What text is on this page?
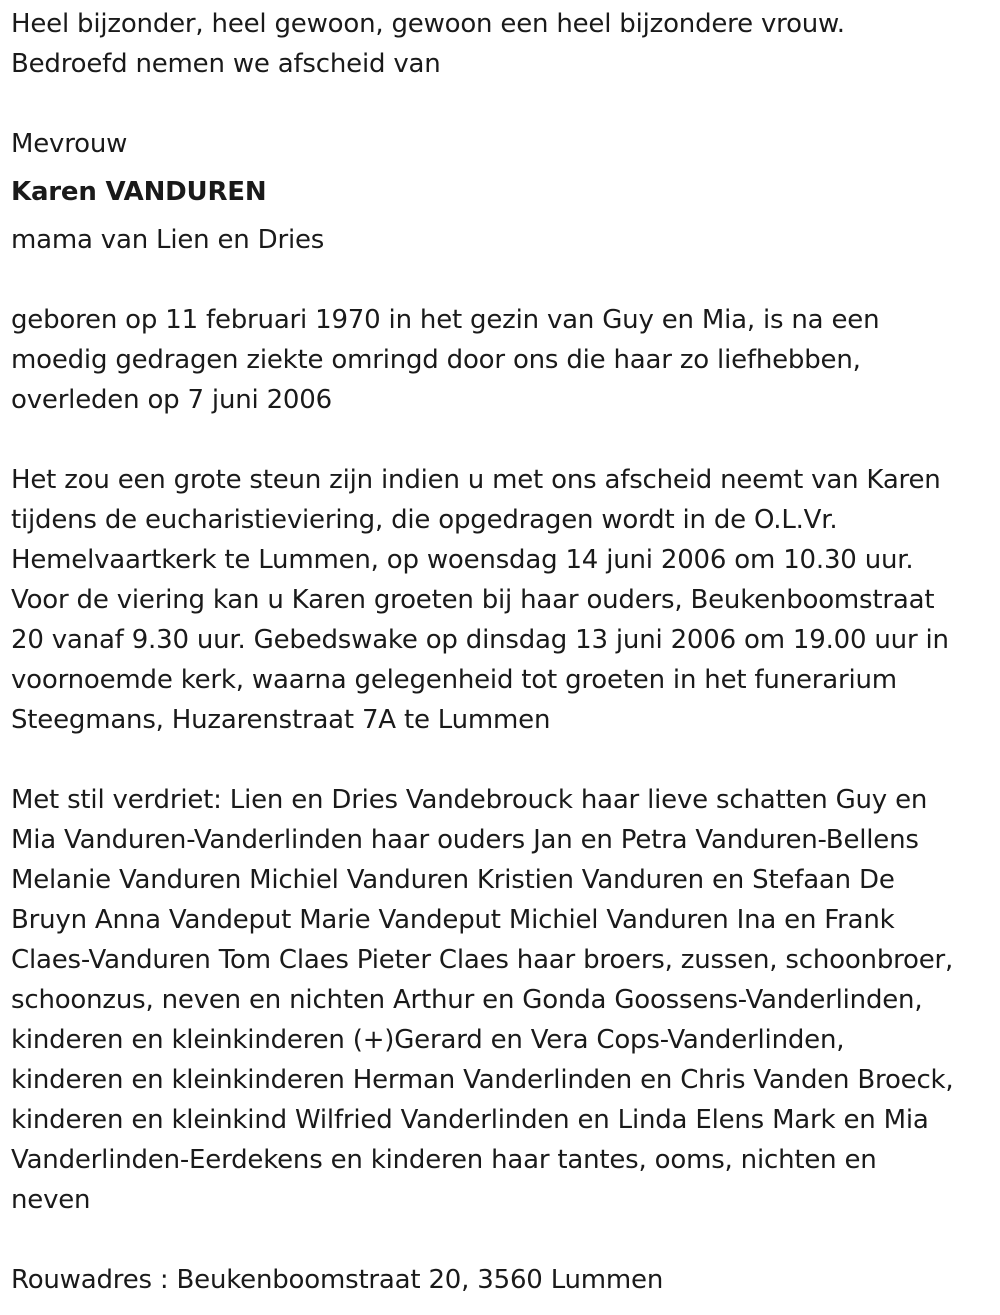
Heel bijzonder, heel gewoon, gewoon een heel bijzondere vrouw.
Bedroefd nemen we afscheid van
Mevrouw
Karen VANDUREN
mama van Lien en Dries
geboren op 11 februari 1970 in het gezin van Guy en Mia, is na een
moedig gedragen ziekte omringd door ons die haar zo liefhebben,
overleden op 7 juni 2006
Het zou een grote steun zijn indien u met ons afscheid neemt van Karen
tijdens de eucharistieviering, die opgedragen wordt in de O.L.Vr.
Hemelvaartkerk te Lummen, op woensdag 14 juni 2006 om 10.30 uur.
Voor de viering kan u Karen groeten bij haar ouders, Beukenboomstraat
20 vanaf 9.30 uur. Gebedswake op dinsdag 13 juni 2006 om 19.00 uur in
voornoemde kerk, waarna gelegenheid tot groeten in het funerarium
Steegmans, Huzarenstraat 7A te Lummen
Met stil verdriet: Lien en Dries Vandebrouck haar lieve schatten Guy en
Mia Vanduren-Vanderlinden haar ouders Jan en Petra Vanduren-Bellens
Melanie Vanduren Michiel Vanduren Kristien Vanduren en Stefaan De
Bruyn Anna Vandeput Marie Vandeput Michiel Vanduren Ina en Frank
Claes-Vanduren Tom Claes Pieter Claes haar broers, zussen, schoonbroer,
schoonzus, neven en nichten Arthur en Gonda Goossens-Vanderlinden,
kinderen en kleinkinderen (+)Gerard en Vera Cops-Vanderlinden,
kinderen en kleinkinderen Herman Vanderlinden en Chris Vanden Broeck,
kinderen en kleinkind Wilfried Vanderlinden en Linda Elens Mark en Mia
Vanderlinden-Eerdekens en kinderen haar tantes, ooms, nichten en
neven
Rouwadres : Beukenboomstraat 20, 3560 Lummen
